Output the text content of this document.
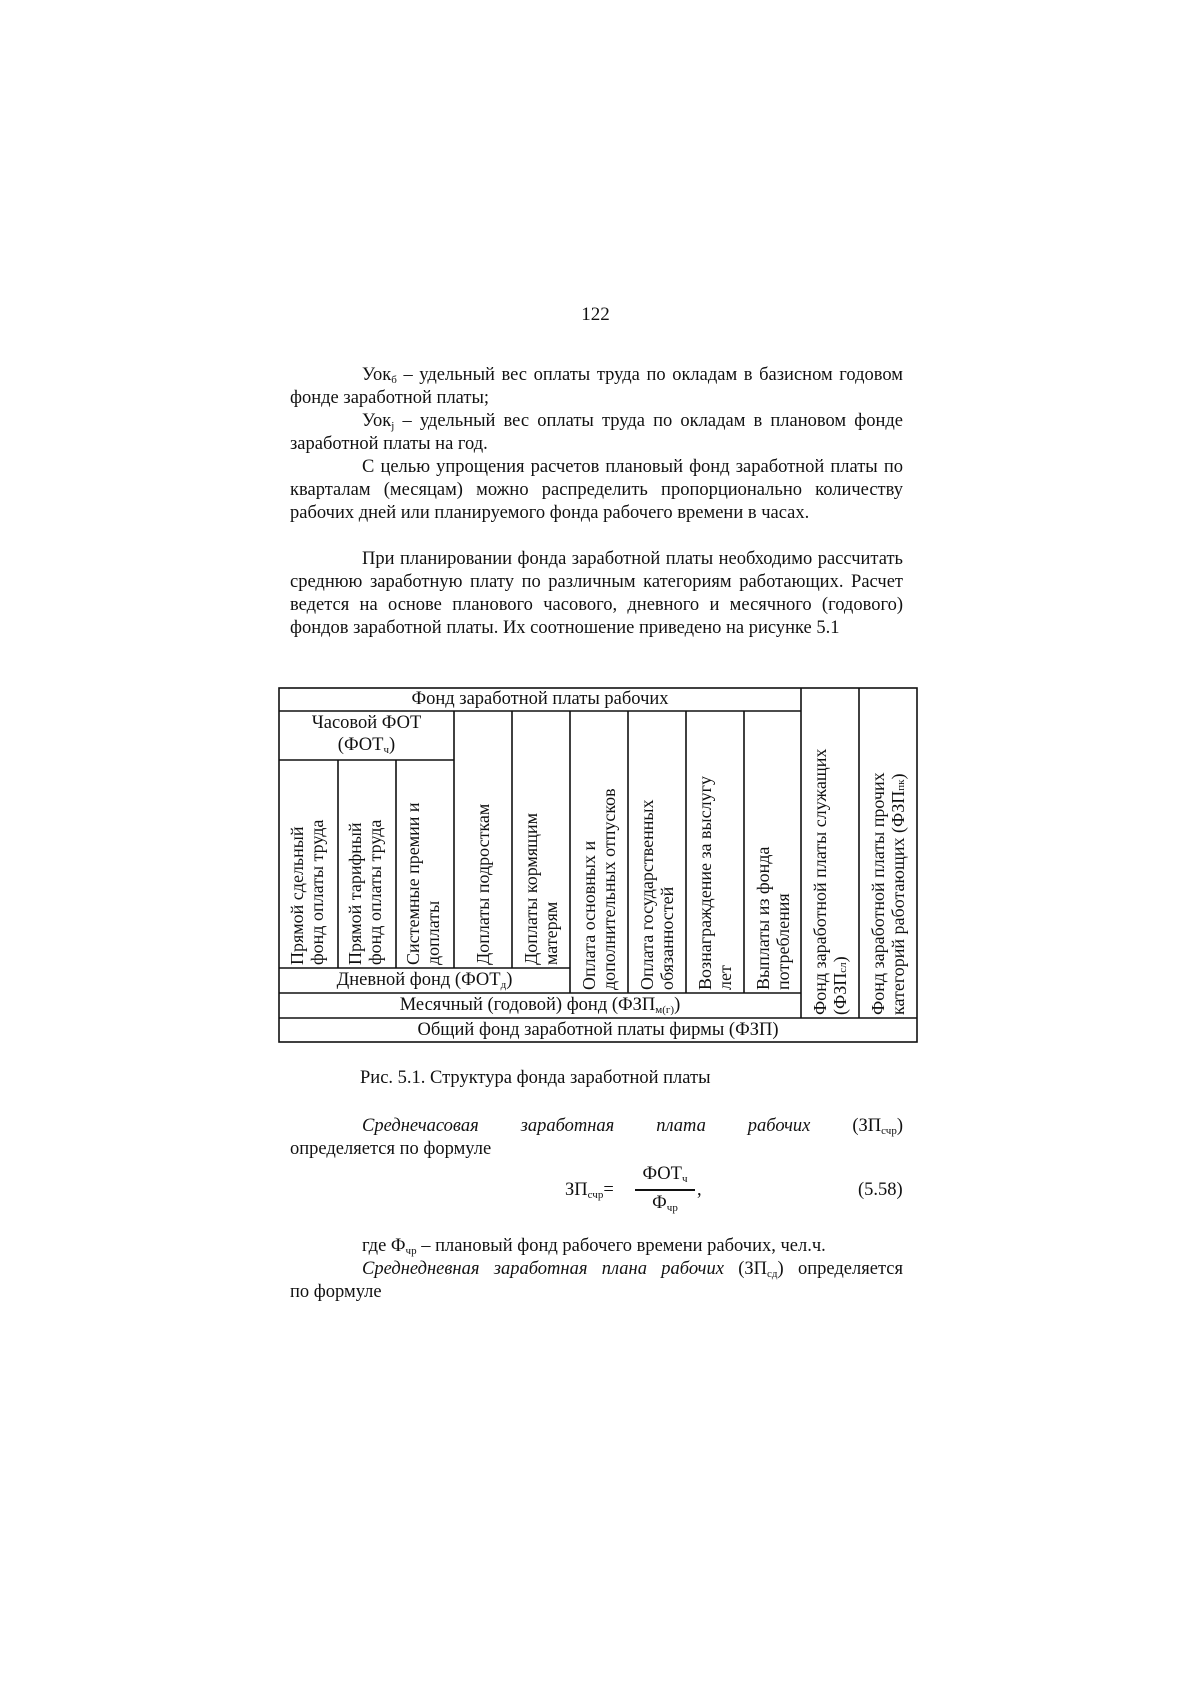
122

Уок$_б$ – удельный вес оплаты труда по окладам в базисном годовом фонде заработной платы;

Уок$_j$ – удельный вес оплаты труда по окладам в плановом фонде заработной платы на год.

С целью упрощения расчетов плановый фонд заработной платы по кварталам (месяцам) можно распределить пропорционально количеству рабочих дней или планируемого фонда рабочего времени в часах.

При планировании фонда заработной платы необходимо рассчитать среднюю заработную плату по различным категориям работающих. Расчет ведется на основе планового часового, дневного и месячного (годового) фондов заработной платы. Их соотношение приведено на рисунке 5.1

Фонд заработной платы рабочих
Часовой ФОТ
$(ФОТ_ч)$
Прямой сдельный
фонд оплаты труда Прямой тарифный
фонд оплаты труда Системные премии и
доплаты Доплаты подросткам Доплаты кормящим
матерям Оплата основных и
дополнительных отпусков Оплата государственных
обязанностей Вознаграждение за выслугу
лет Выплаты из фонда
потребления Фонд заработной платы служащих
$(ФЗП_{сл})$ Фонд заработной платы прочих
категорий работающих $(ФЗП_{пк})$
Дневной фонд $(ФОТ_д)$
Месячный (годовой) фонд $(ФЗП_{м(г)})$
Общий фонд заработной платы фирмы (ФЗП)
Рис. 5.1. Структура фонда заработной платы

Среднечасовая заработная плата рабочих $(ЗП_{счр})$

определяется по формуле

$ЗП_{счр}=$
$ФОТ_ч$
$Ф_{чр}$
,	(5.58)

где $Ф_{чр}$ – плановый фонд рабочего времени рабочих, чел.ч.

Среднедневная заработная плана рабочих $(ЗП_{сд})$ определяется

по формуле
